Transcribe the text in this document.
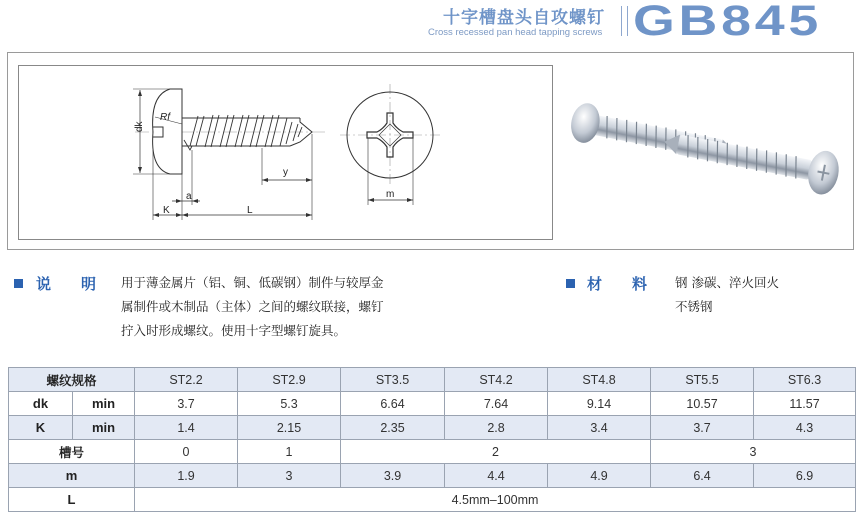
十字槽盘头自攻螺钉
Cross recessed pan head tapping screws GB845
dk
Rf
y
a
K	L
m
说　　明 用于薄金属片（铝、铜、低碳钢）制件与较厚金
属制件或木制品（主体）之间的螺纹联接，螺钉
拧入时形成螺纹。使用十字型螺钉旋具。
材　　料 钢 渗碳、淬火回火
不锈钢
螺纹规格		ST2.2	ST2.9	ST3.5	ST4.2	ST4.8	ST5.5	ST6.3
dk	min	3.7	5.3	6.64	7.64	9.14	10.57	11.57
K	min	1.4	2.15	2.35	2.8	3.4	3.7	4.3
槽号		0	1	2			3	
m		1.9	3	3.9	4.4	4.9	6.4	6.9
L		4.5mm–100mm						
